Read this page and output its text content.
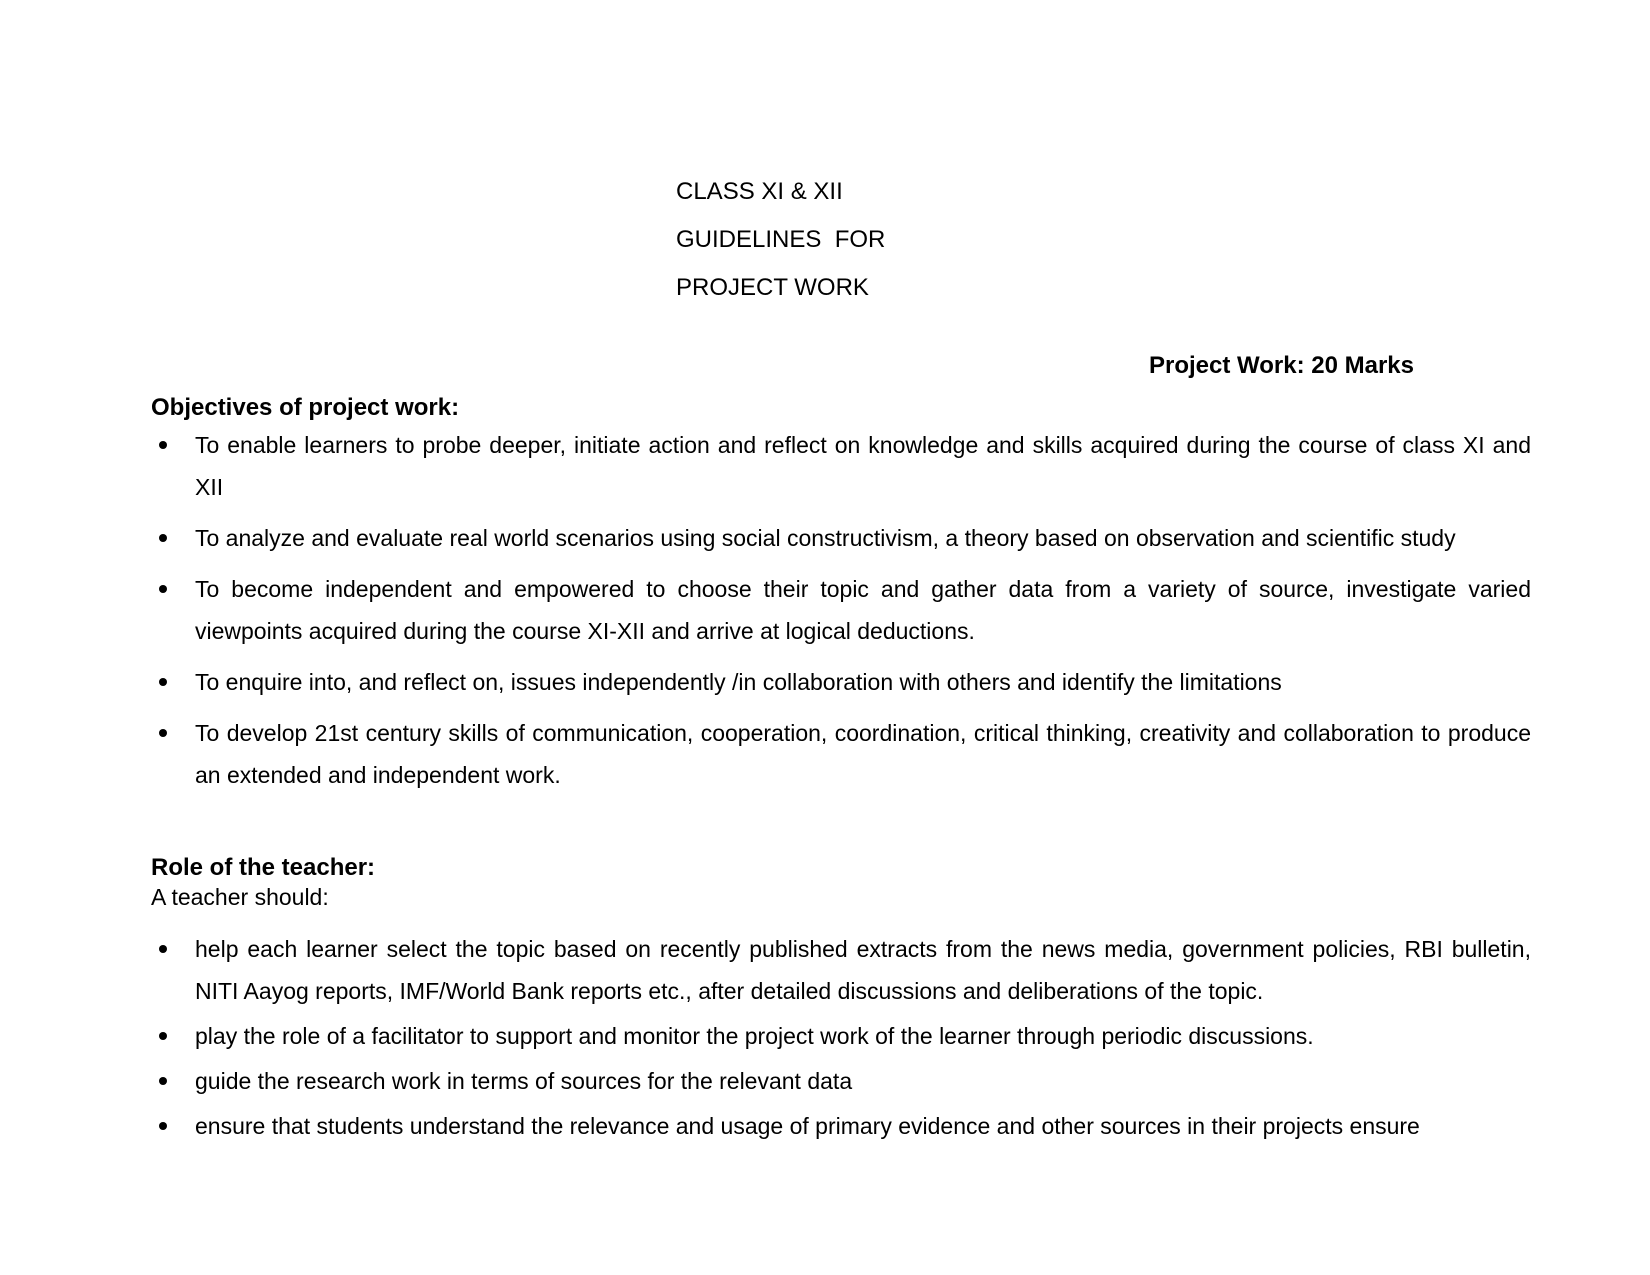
CLASS XI & XII
GUIDELINES  FOR
PROJECT WORK
Project Work: 20 Marks
Objectives of project work:
To enable learners to probe deeper, initiate action and reflect on knowledge and skills acquired during the course of class XI and XII
To analyze and evaluate real world scenarios using social constructivism, a theory based on observation and scientific study
To become independent and empowered to choose their topic and gather data from a variety of source, investigate varied viewpoints acquired during the course XI-XII and arrive at logical deductions.
To enquire into, and reflect on, issues independently /in collaboration with others and identify the limitations
To develop 21st century skills of communication, cooperation, coordination, critical thinking, creativity and collaboration to produce an extended and independent work.
Role of the teacher:
A teacher should:
help each learner select the topic based on recently published extracts from the news media, government policies, RBI bulletin, NITI Aayog reports, IMF/World Bank reports etc., after detailed discussions and deliberations of the topic.
play the role of a facilitator to support and monitor the project work of the learner through periodic discussions.
guide the research work in terms of sources for the relevant data
ensure that students understand the relevance and usage of primary evidence and other sources in their projects ensure
